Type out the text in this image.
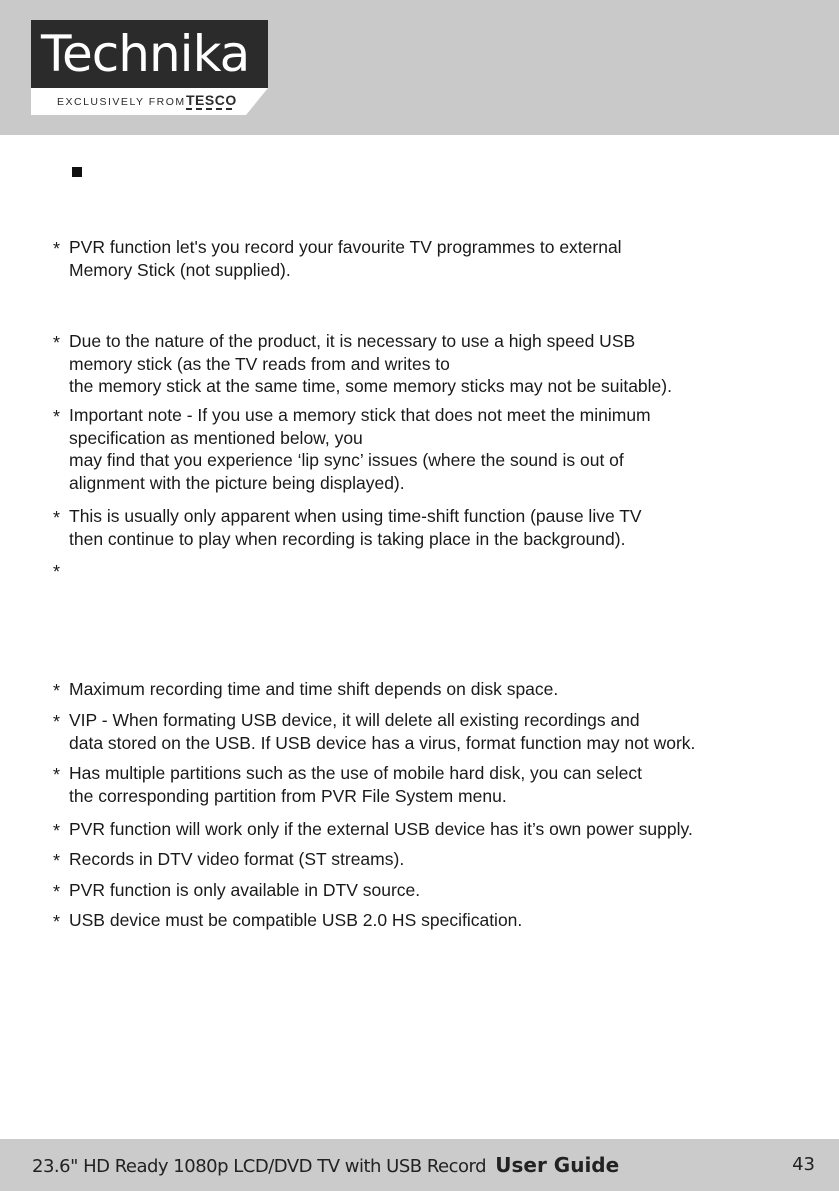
Technika
EXCLUSIVELY FROM TESCO
* PVR function let's you record your favourite TV programmes to external
Memory Stick (not supplied).
* Due to the nature of the product, it is necessary to use a high speed USB
memory stick (as the TV reads from and writes to
the memory stick at the same time, some memory sticks may not be suitable).
* Important note - If you use a memory stick that does not meet the minimum
specification as mentioned below, you
may find that you experience ‘lip sync’ issues (where the sound is out of
alignment with the picture being displayed).
* This is usually only apparent when using time-shift function (pause live TV
then continue to play when recording is taking place in the background).
*
* Maximum recording time and time shift depends on disk space.
* VIP - When formating USB device, it will delete all existing recordings and
data stored on the USB. If USB device has a virus, format function may not work.
* Has multiple partitions such as the use of mobile hard disk, you can select
the corresponding partition from PVR File System menu.
* PVR function will work only if the external USB device has it’s own power supply.
* Records in DTV video format (ST streams).
* PVR function is only available in DTV source.
* USB device must be compatible USB 2.0 HS specification.
23.6" HD Ready 1080p LCD/DVD TV with USB Record User Guide	43
